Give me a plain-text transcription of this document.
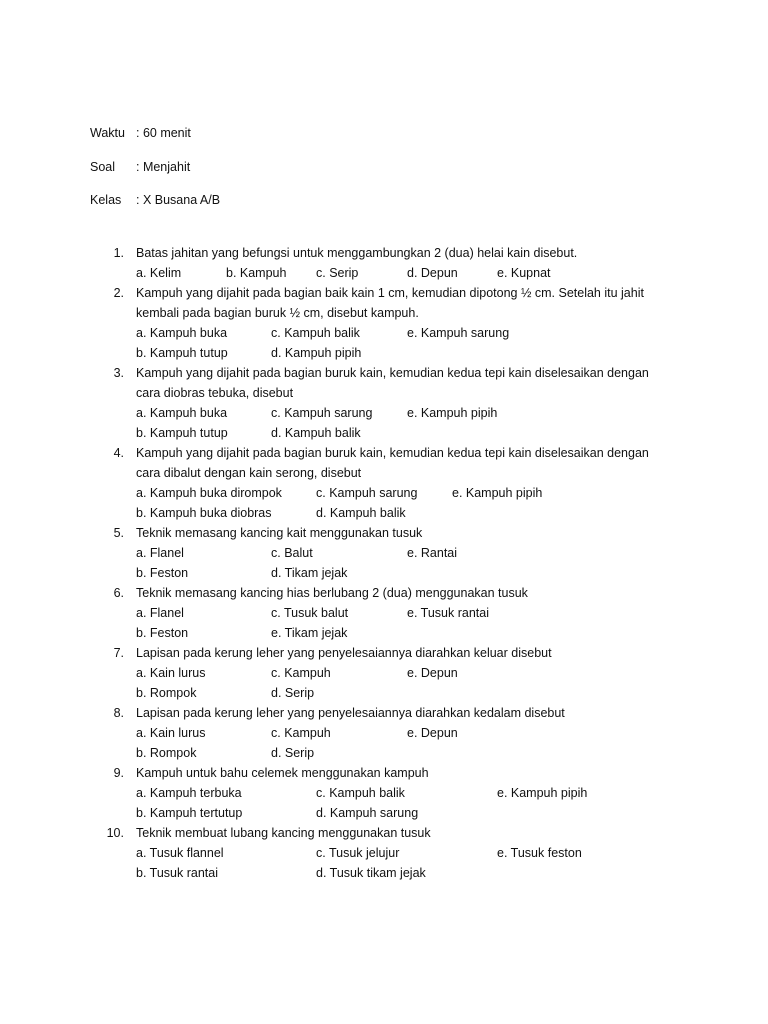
Waktu : 60 menit
Soal : Menjahit
Kelas : X Busana A/B
1. Batas jahitan yang befungsi untuk menggambungkan 2 (dua) helai kain disebut.
a. Kelim	b. Kampuh c. Serip	d. Depun	e. Kupnat
2. Kampuh yang dijahit pada bagian baik kain 1 cm, kemudian dipotong ½ cm. Setelah itu jahit
kembali pada bagian buruk ½ cm, disebut kampuh.
a. Kampuh buka	c. Kampuh balik	e. Kampuh sarung
b. Kampuh tutup	d. Kampuh pipih
3. Kampuh yang dijahit pada bagian buruk kain, kemudian kedua tepi kain diselesaikan dengan
cara diobras tebuka, disebut
a. Kampuh buka	c. Kampuh sarung	e. Kampuh pipih
b. Kampuh tutup	d. Kampuh balik
4. Kampuh yang dijahit pada bagian buruk kain, kemudian kedua tepi kain diselesaikan dengan
cara dibalut dengan kain serong, disebut
a. Kampuh buka dirompok	c. Kampuh sarung	e. Kampuh pipih
b. Kampuh buka diobras	d. Kampuh balik
5. Teknik memasang kancing kait menggunakan tusuk
a. Flanel	c. Balut	e. Rantai
b. Feston	d. Tikam jejak
6. Teknik memasang kancing hias berlubang 2 (dua) menggunakan tusuk
a. Flanel	c. Tusuk balut	e. Tusuk rantai
b. Feston	e. Tikam jejak
7. Lapisan pada kerung leher yang penyelesaiannya diarahkan keluar disebut
a. Kain lurus	c. Kampuh	e. Depun
b. Rompok	d. Serip
8. Lapisan pada kerung leher yang penyelesaiannya diarahkan kedalam disebut
a. Kain lurus	c. Kampuh	e. Depun
b. Rompok	d. Serip
9. Kampuh untuk bahu celemek menggunakan kampuh
a. Kampuh terbuka	c. Kampuh balik	e. Kampuh pipih
b. Kampuh tertutup	d. Kampuh sarung
10. Teknik membuat lubang kancing menggunakan tusuk
a. Tusuk flannel	c. Tusuk jelujur	e. Tusuk feston
b. Tusuk rantai	d. Tusuk tikam jejak
